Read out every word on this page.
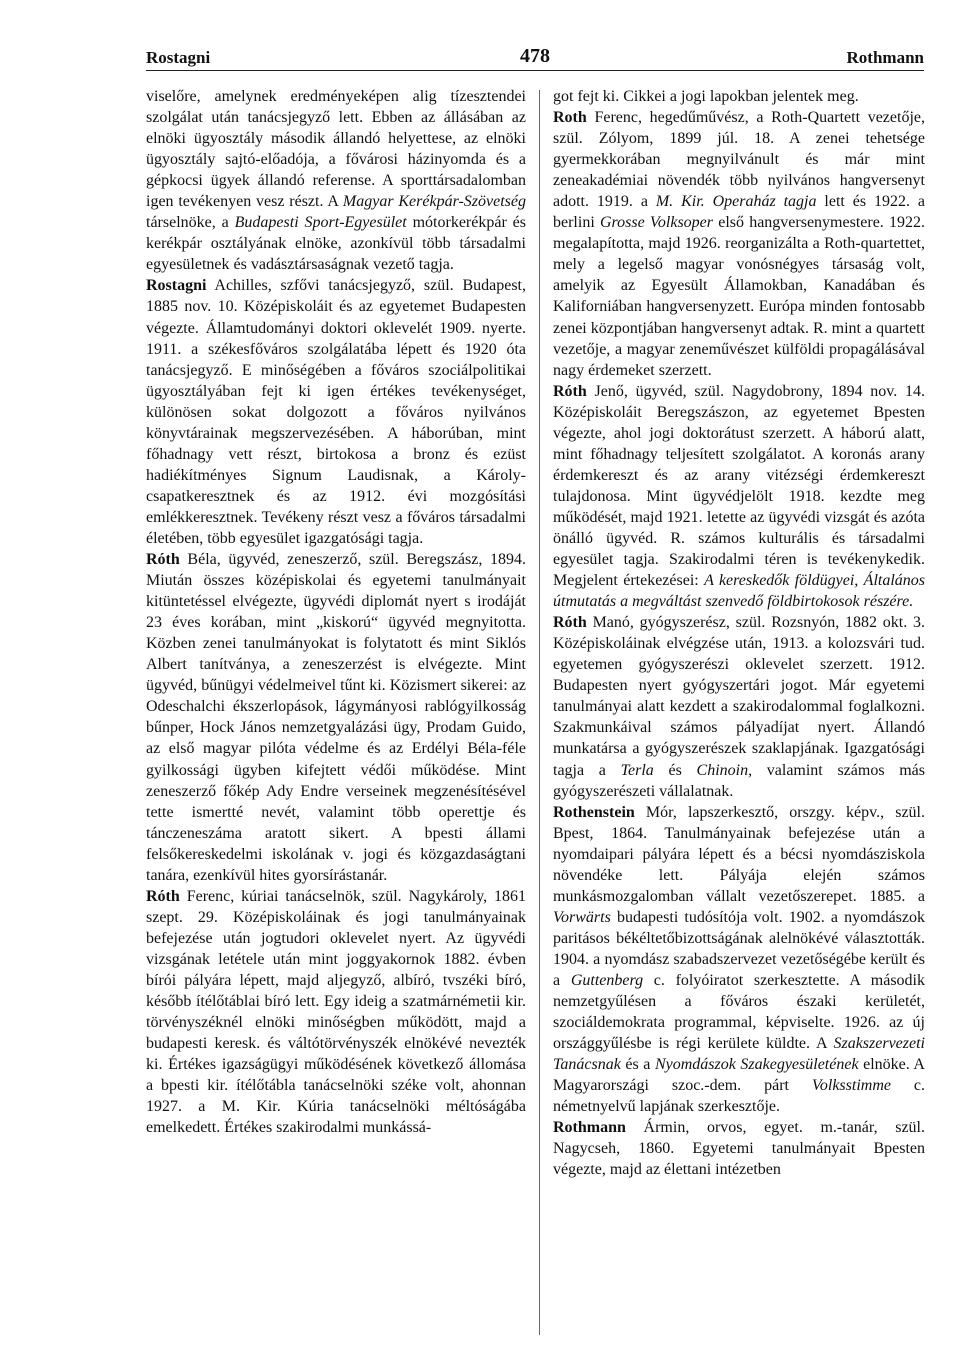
Rostagni	478	Rothmann

viselőre, amelynek eredményeképen alig tízesztendei szolgálat után tanácsjegyző lett. Ebben az állásában az elnöki ügyosztály második állandó helyettese, az elnöki ügyosztály sajtó-előadója, a fővárosi házinyomda és a gépkocsi ügyek állandó referense. A sporttársadalomban igen tevékenyen vesz részt. A Magyar Kerékpár-Szövetség társelnöke, a Budapesti Sport-Egyesület mótorkerékpár és kerékpár osztályának elnöke, azonkívül több társadalmi egyesületnek és vadásztársaságnak vezető tagja.

Rostagni Achilles, szfővi tanácsjegyző, szül. Budapest, 1885 nov. 10. Középiskoláit és az egyetemet Budapesten végezte. Államtudományi doktori oklevelét 1909. nyerte. 1911. a székesfőváros szolgálatába lépett és 1920 óta tanácsjegyző. E minőségében a főváros szociálpolitikai ügyosztályában fejt ki igen értékes tevékenységet, különösen sokat dolgozott a főváros nyilvános könyvtárainak megszervezésében. A háborúban, mint főhadnagy vett részt, birtokosa a bronz és ezüst hadiékítményes Signum Laudisnak, a Károly-csapatkeresztnek és az 1912. évi mozgósítási emlékkeresztnek. Tevékeny részt vesz a főváros társadalmi életében, több egyesület igazgatósági tagja.

Róth Béla, ügyvéd, zeneszerző, szül. Beregszász, 1894. Miután összes középiskolai és egyetemi tanulmányait kitüntetéssel elvégezte, ügyvédi diplomát nyert s irodáját 23 éves korában, mint „kiskorú“ ügyvéd megnyitotta. Közben zenei tanulmányokat is folytatott és mint Siklós Albert tanítványa, a zeneszerzést is elvégezte. Mint ügyvéd, bűnügyi védelmeivel tűnt ki. Közismert sikerei: az Odeschalchi ékszerlopások, lágymányosi rablógyilkosság bűnper, Hock János nemzetgyalázási ügy, Prodam Guido, az első magyar pilóta védelme és az Erdélyi Béla-féle gyilkossági ügyben kifejtett védői működése. Mint zeneszerző főkép Ady Endre verseinek megzenésítésével tette ismertté nevét, valamint több operettje és tánczeneszáma aratott sikert. A bpesti állami felsőkereskedelmi iskolának v. jogi és közgazdaságtani tanára, ezenkívül hites gyorsírástanár.

Róth Ferenc, kúriai tanácselnök, szül. Nagykároly, 1861 szept. 29. Középiskoláinak és jogi tanulmányainak befejezése után jogtudori oklevelet nyert. Az ügyvédi vizsgának letétele után mint joggyakornok 1882. évben bírói pályára lépett, majd aljegyző, albíró, tvszéki bíró, később ítélőtáblai bíró lett. Egy ideig a szatmárnémetii kir. törvényszéknél elnöki minőségben működött, majd a budapesti keresk. és váltótörvényszék elnökévé nevezték ki. Értékes igazságügyi működésének következő állomása a bpesti kir. ítélőtábla tanácselnöki széke volt, ahonnan 1927. a M. Kir. Kúria tanácselnöki méltóságába emelkedett. Értékes szakirodalmi munkássá-

got fejt ki. Cikkei a jogi lapokban jelentek meg.

Roth Ferenc, hegedűművész, a Roth-Quartett vezetője, szül. Zólyom, 1899 júl. 18. A zenei tehetsége gyermekkorában megnyilvánult és már mint zeneakadémiai növendék több nyilvános hangversenyt adott. 1919. a M. Kir. Operaház tagja lett és 1922. a berlini Grosse Volksoper első hangversenymestere. 1922. megalapította, majd 1926. reorganizálta a Roth-quartettet, mely a legelső magyar vonósnégyes társaság volt, amelyik az Egyesült Államokban, Kanadában és Kaliforniában hangversenyzett. Európa minden fontosabb zenei központjában hangversenyt adtak. R. mint a quartett vezetője, a magyar zeneművészet külföldi propagálásával nagy érdemeket szerzett.

Róth Jenő, ügyvéd, szül. Nagydobrony, 1894 nov. 14. Középiskoláit Beregszászon, az egyetemet Bpesten végezte, ahol jogi doktorátust szerzett. A háború alatt, mint főhadnagy teljesített szolgálatot. A koronás arany érdemkereszt és az arany vitézségi érdemkereszt tulajdonosa. Mint ügyvédjelölt 1918. kezdte meg működését, majd 1921. letette az ügyvédi vizsgát és azóta önálló ügyvéd. R. számos kulturális és társadalmi egyesület tagja. Szakirodalmi téren is tevékenykedik. Megjelent értekezései: A kereskedők földügyei, Általános útmutatás a megváltást szenvedő földbirtokosok részére.

Róth Manó, gyógyszerész, szül. Rozsnyón, 1882 okt. 3. Középiskoláinak elvégzése után, 1913. a kolozsvári tud. egyetemen gyógyszerészi oklevelet szerzett. 1912. Budapesten nyert gyógyszertári jogot. Már egyetemi tanulmányai alatt kezdett a szakirodalommal foglalkozni. Szakmunkáival számos pályadíjat nyert. Állandó munkatársa a gyógyszerészek szaklapjának. Igazgatósági tagja a Terla és Chinoin, valamint számos más gyógyszerészeti vállalatnak.

Rothenstein Mór, lapszerkesztő, orszgy. képv., szül. Bpest, 1864. Tanulmányainak befejezése után a nyomdaipari pályára lépett és a bécsi nyomdásziskola növendéke lett. Pályája elején számos munkásmozgalomban vállalt vezetőszerepet. 1885. a Vorwärts budapesti tudósítója volt. 1902. a nyomdászok paritásos békéltetőbizottságának alelnökévé választották. 1904. a nyomdász szabadszervezet vezetőségébe került és a Guttenberg c. folyóiratot szerkesztette. A második nemzetgyűlésen a főváros északi kerületét, szociáldemokrata programmal, képviselte. 1926. az új országgyűlésbe is régi kerülete küldte. A Szakszervezeti Tanácsnak és a Nyomdászok Szakegyesületének elnöke. A Magyarországi szoc.-dem. párt Volksstimme c. németnyelvű lapjának szerkesztője.

Rothmann Ármin, orvos, egyet. m.-tanár, szül. Nagycseh, 1860. Egyetemi tanulmányait Bpesten végezte, majd az élettani intézetben
